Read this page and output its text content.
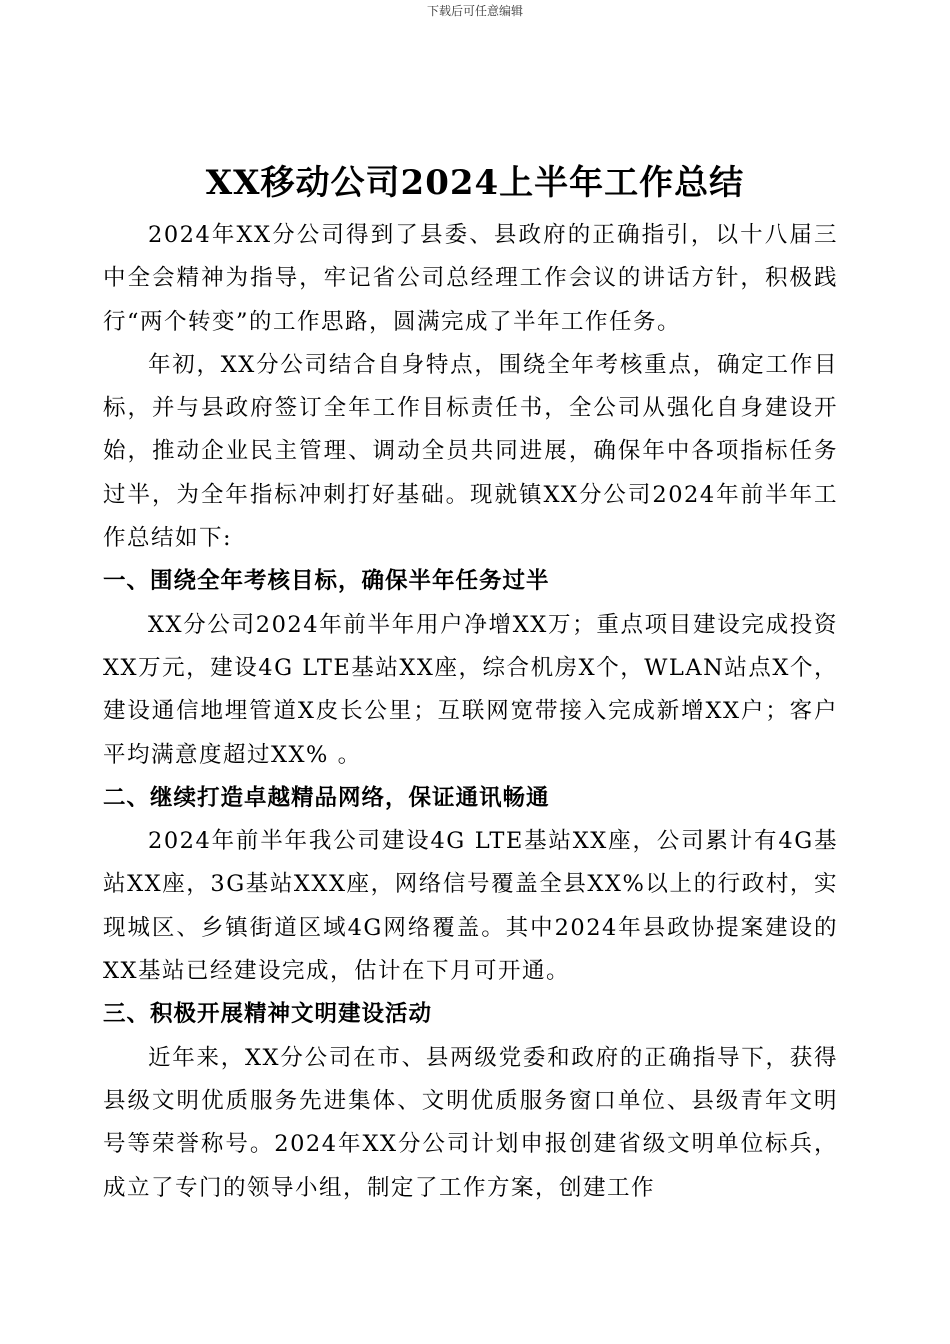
下载后可任意编辑
XX移动公司2024上半年工作总结

2024年XX分公司得到了县委、县政府的正确指引，以十八届三中全会精神为指导，牢记省公司总经理工作会议的讲话方针，积极践行“两个转变”的工作思路，圆满完成了半年工作任务。

年初，XX分公司结合自身特点，围绕全年考核重点，确定工作目标，并与县政府签订全年工作目标责任书，全公司从强化自身建设开始，推动企业民主管理、调动全员共同进展，确保年中各项指标任务过半，为全年指标冲刺打好基础。现就镇XX分公司2024年前半年工作总结如下:

一、围绕全年考核目标，确保半年任务过半

XX分公司2024年前半年用户净增XX万；重点项目建设完成投资XX万元，建设4G LTE基站XX座，综合机房X个，WLAN站点X个，建设通信地埋管道X皮长公里；互联网宽带接入完成新增XX户；客户平均满意度超过XX% 。

二、继续打造卓越精品网络，保证通讯畅通

2024年前半年我公司建设4G LTE基站XX座，公司累计有4G基站XX座，3G基站XXX座，网络信号覆盖全县XX%以上的行政村，实现城区、乡镇街道区域4G网络覆盖。其中2024年县政协提案建设的XX基站已经建设完成，估计在下月可开通。

三、积极开展精神文明建设活动

近年来，XX分公司在市、县两级党委和政府的正确指导下，获得县级文明优质服务先进集体、文明优质服务窗口单位、县级青年文明号等荣誉称号。2024年XX分公司计划申报创建省级文明单位标兵，成立了专门的领导小组，制定了工作方案，创建工作
